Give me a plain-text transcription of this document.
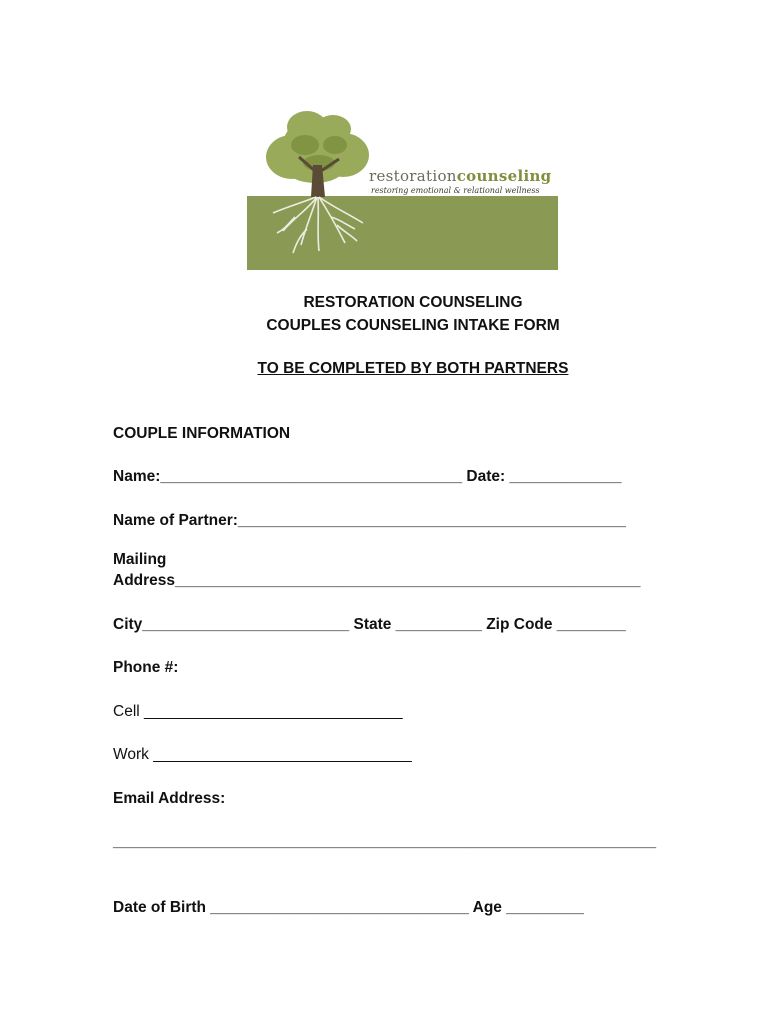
restorationcounseling
restoring emotional & relational wellness
RESTORATION COUNSELING
COUPLES COUNSELING INTAKE FORM
TO BE COMPLETED BY BOTH PARTNERS
COUPLE INFORMATION
Name:___________________________________ Date: _____________
Name of Partner:_____________________________________________
Mailing
Address______________________________________________________
City________________________ State __________ Zip Code ________
Phone #:
Cell ______________________________
Work ______________________________
Email Address:
_______________________________________________________________
Date of Birth ______________________________ Age _________
